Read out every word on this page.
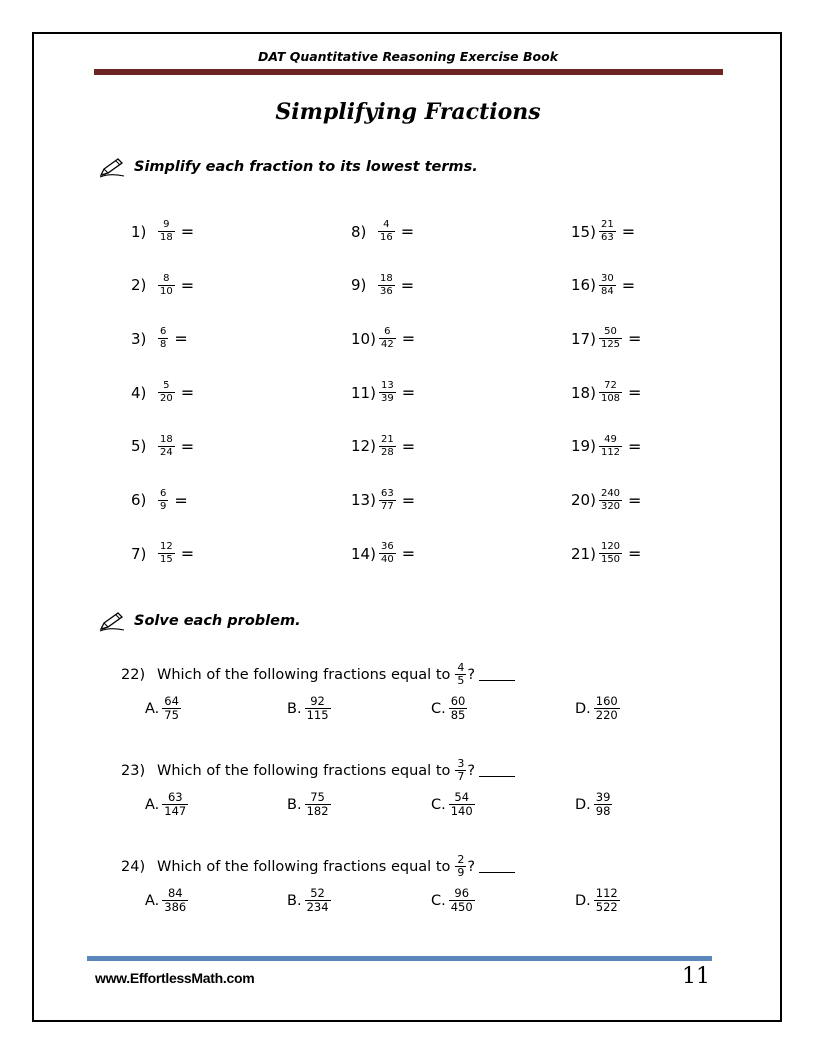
DAT Quantitative Reasoning Exercise Book
Simplifying Fractions
Simplify each fraction to its lowest terms.
1)	$\frac{9}{18}$ =
2)	$\frac{8}{10}$ =
3)	$\frac{6}{8}$ =
4)	$\frac{5}{20}$ =
5)	$\frac{18}{24}$ =
6)	$\frac{6}{9}$ =
7)	$\frac{12}{15}$ =
8)	$\frac{4}{16}$ =
9)	$\frac{18}{36}$ =
$10) \frac{6}{42}$ =
$11) \frac{13}{39}$ =
$12) \frac{21}{28}$ =
$13) \frac{63}{77}$ =
$14) \frac{36}{40}$ =
$15) \frac{21}{63}$ =
$16) \frac{30}{84}$ =
$17) \frac{50}{125}$ =
$18) \frac{72}{108}$ =
$19) \frac{49}{112}$ =
$20) \frac{240}{320}$ =
$21) \frac{120}{150}$ =
Solve each problem.
22) Which of the following fractions equal to $\frac{4}{5}$ ?
A. $\frac{64}{75}$	B. $\frac{92}{115}$	C. $\frac{60}{85}$	D. $\frac{160}{220}$
23) Which of the following fractions equal to $\frac{3}{7}$ ?
A. $\frac{63}{147}$	B. $\frac{75}{182}$	C. $\frac{54}{140}$	D. $\frac{39}{98}$
24) Which of the following fractions equal to $\frac{2}{9}$ ?
A. $\frac{84}{386}$	B. $\frac{52}{234}$	C. $\frac{96}{450}$	D. $\frac{112}{522}$
www.EffortlessMath.com	11
